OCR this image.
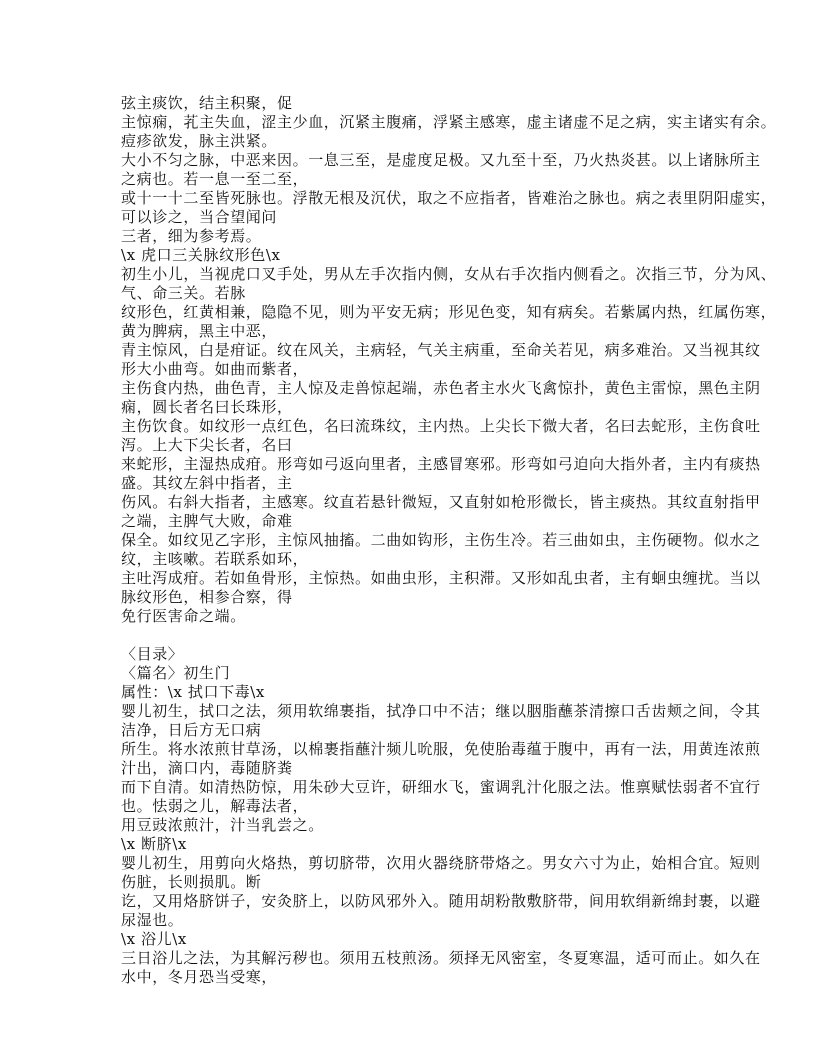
弦主痰饮，结主积聚，促
主惊痫，芤主失血，涩主少血，沉紧主腹痛，浮紧主感寒，虚主诸虚不足之病，实主诸实有余。
痘疹欲发，脉主洪紧。
大小不匀之脉，中恶来因。一息三至，是虚度足极。又九至十至，乃火热炎甚。以上诸脉所主
之病也。若一息一至二至，
或十一十二至皆死脉也。浮散无根及沉伏，取之不应指者，皆难治之脉也。病之表里阴阳虚实，
可以诊之，当合望闻问
三者，细为参考焉。
\x 虎口三关脉纹形色\x
初生小儿，当视虎口叉手处，男从左手次指内侧，女从右手次指内侧看之。次指三节，分为风、
气、命三关。若脉
纹形色，红黄相兼，隐隐不见，则为平安无病；形见色变，知有病矣。若紫属内热，红属伤寒，
黄为脾病，黑主中恶，
青主惊风，白是疳证。纹在风关，主病轻，气关主病重，至命关若见，病多难治。又当视其纹
形大小曲弯。如曲而紫者，
主伤食内热，曲色青，主人惊及走兽惊起端，赤色者主水火飞禽惊扑，黄色主雷惊，黑色主阴
痫，圆长者名曰长珠形，
主伤饮食。如纹形一点红色，名曰流珠纹，主内热。上尖长下微大者，名曰去蛇形，主伤食吐
泻。上大下尖长者，名曰
来蛇形，主湿热成疳。形弯如弓返向里者，主感冒寒邪。形弯如弓迫向大指外者，主内有痰热
盛。其纹左斜中指者，主
伤风。右斜大指者，主感寒。纹直若悬针微短，又直射如枪形微长，皆主痰热。其纹直射指甲
之端，主脾气大败，命难
保全。如纹见乙字形，主惊风抽搐。二曲如钩形，主伤生冷。若三曲如虫，主伤硬物。似水之
纹，主咳嗽。若联系如环，
主吐泻成疳。若如鱼骨形，主惊热。如曲虫形，主积滞。又形如乱虫者，主有蛔虫缠扰。当以
脉纹形色，相参合察，得
免行医害命之端。
〈目录〉
〈篇名〉初生门
属性：\x 拭口下毒\x
婴儿初生，拭口之法，须用软绵裹指，拭净口中不洁；继以胭脂蘸茶清擦口舌齿颊之间，令其
洁净，日后方无口病
所生。将水浓煎甘草汤，以棉裹指蘸汁频儿吮服，免使胎毒蕴于腹中，再有一法，用黄连浓煎
汁出，滴口内，毒随脐粪
而下自清。如清热防惊，用朱砂大豆许，研细水飞，蜜调乳汁化服之法。惟禀赋怯弱者不宜行
也。怯弱之儿，解毒法者，
用豆豉浓煎汁，汁当乳尝之。
\x 断脐\x
婴儿初生，用剪向火烙热，剪切脐带，次用火器绕脐带烙之。男女六寸为止，始相合宜。短则
伤脏，长则损肌。断
讫，又用烙脐饼子，安灸脐上，以防风邪外入。随用胡粉散敷脐带，间用软绢新绵封裹，以避
尿湿也。
\x 浴儿\x
三日浴儿之法，为其解污秽也。须用五枝煎汤。须择无风密室，冬夏寒温，适可而止。如久在
水中，冬月恐当受寒，
